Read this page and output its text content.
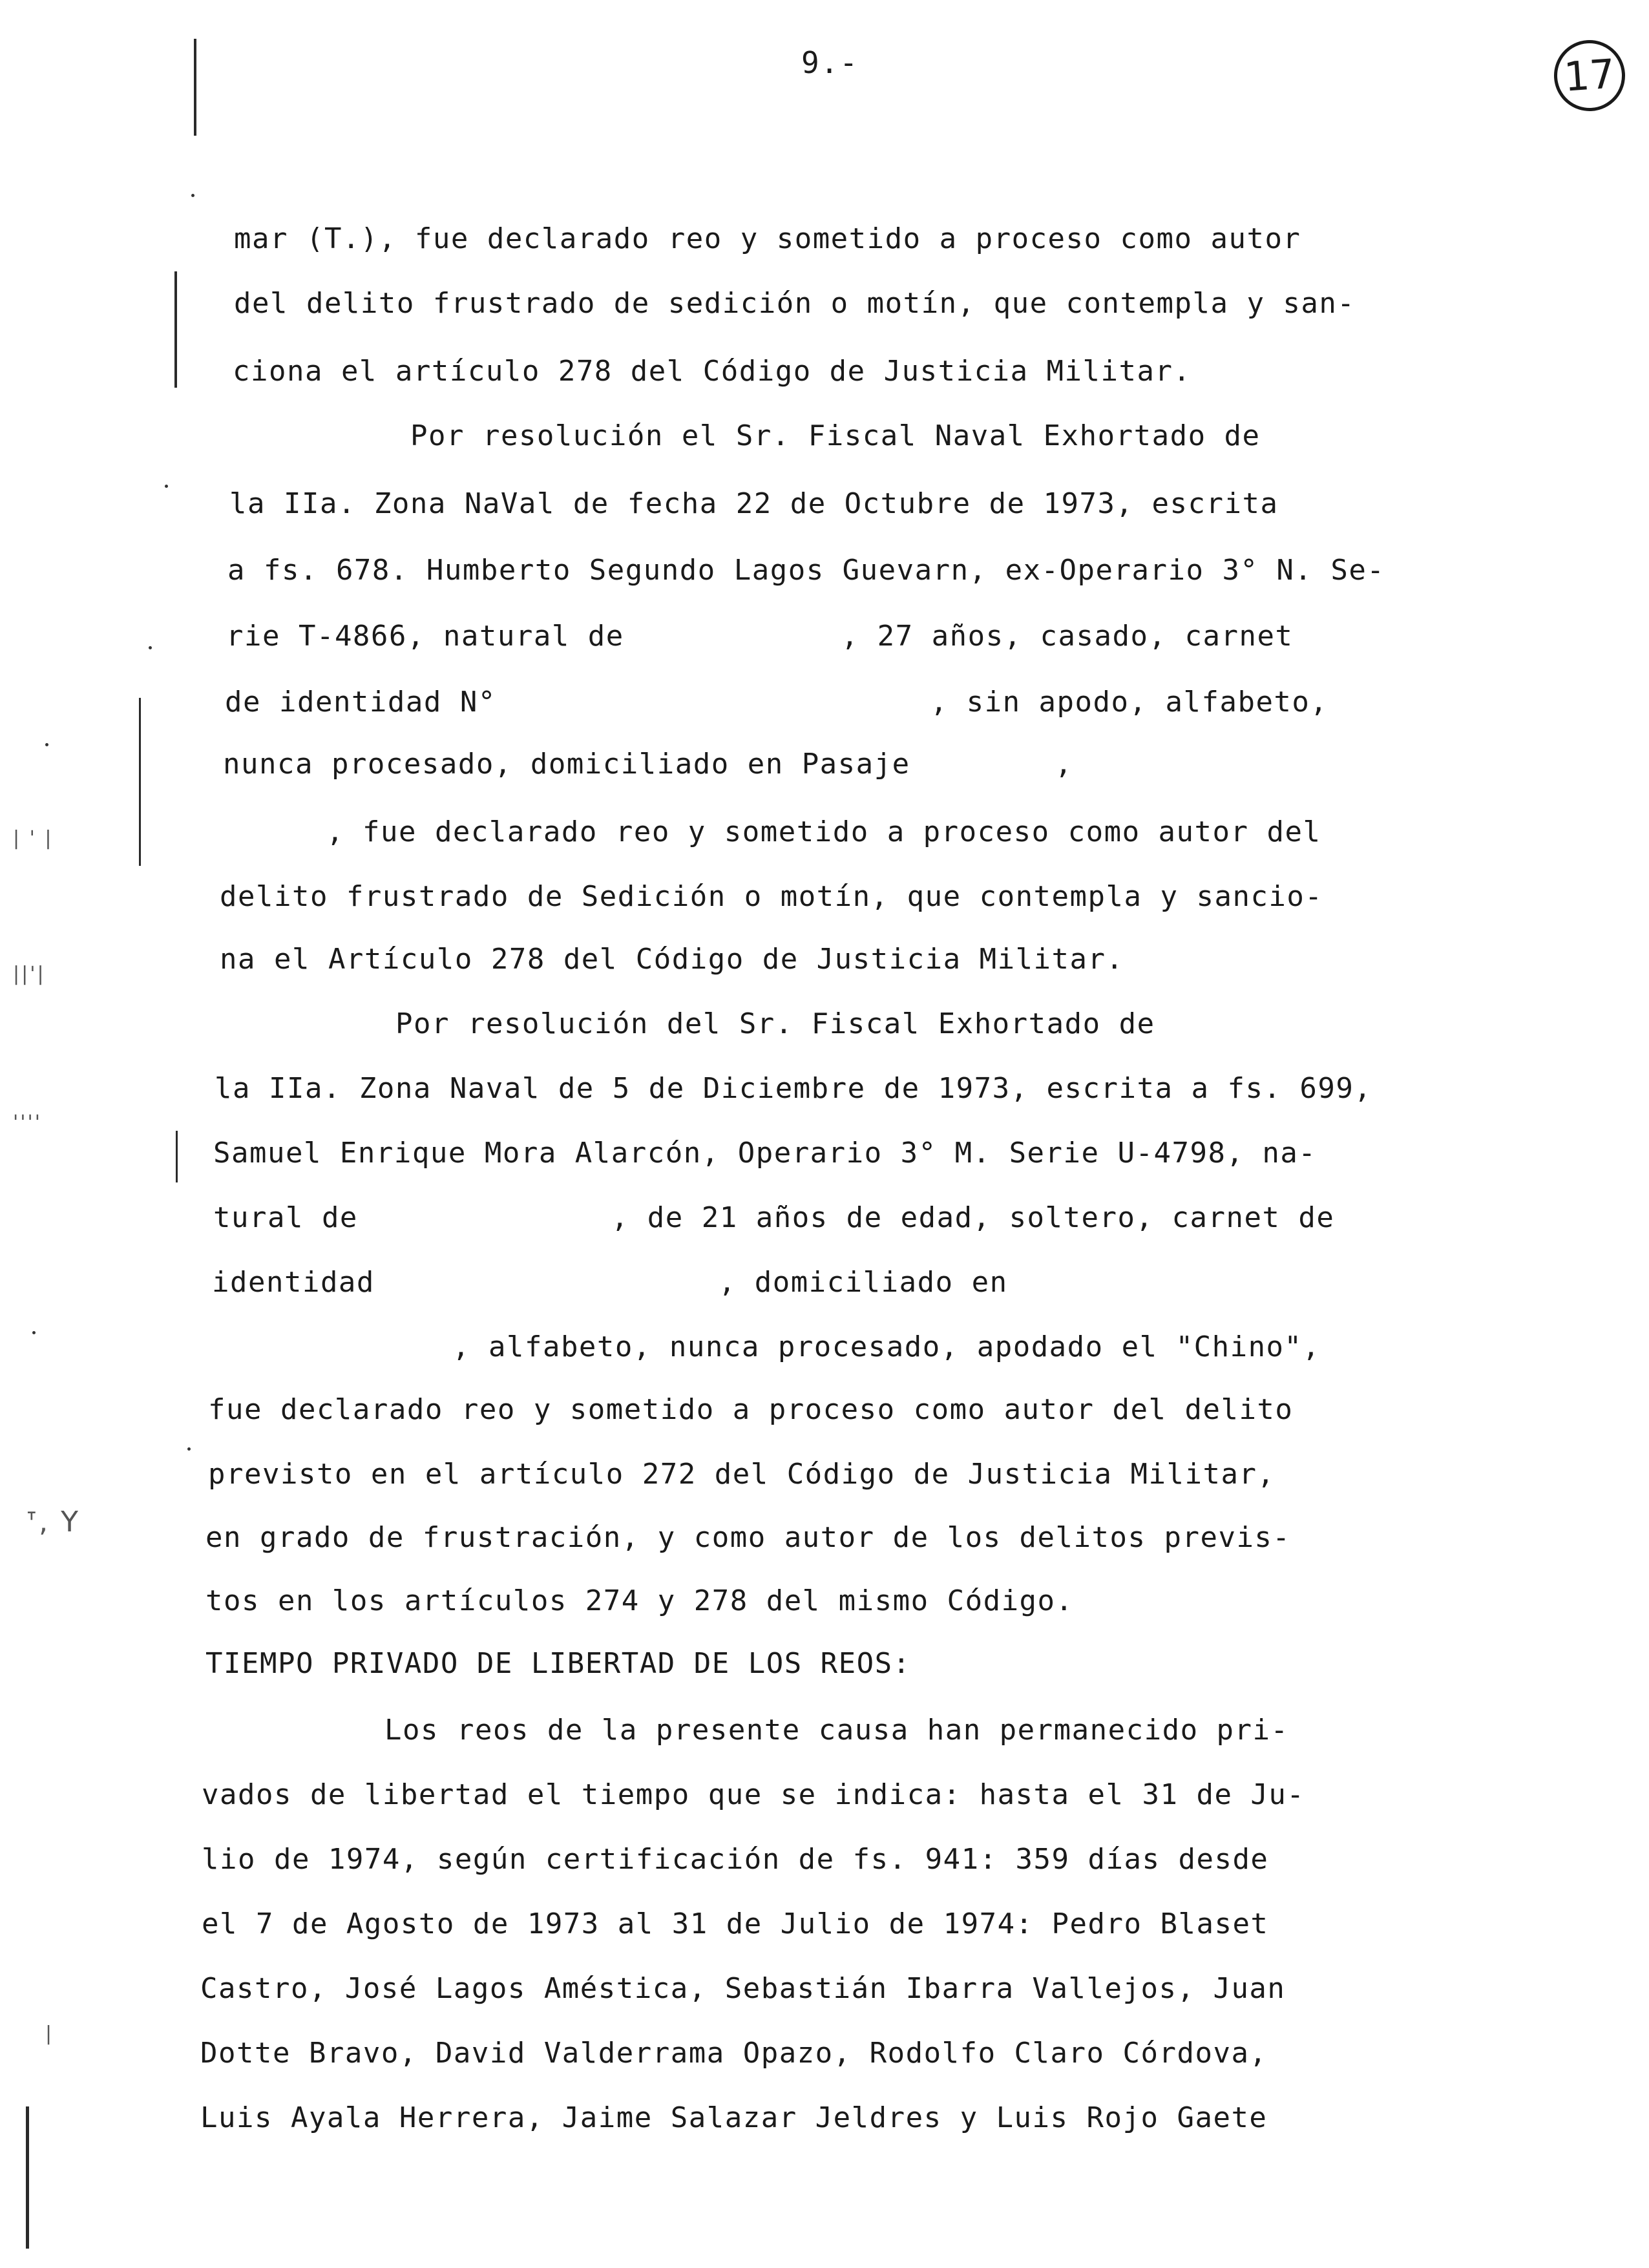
| ' |
||'|
''''
ᐪ, Y
|
9.-	17
mar (T.), fue declarado reo y sometido a proceso como autor
del delito frustrado de sedición o motín, que contempla y san-
ciona el artículo 278 del Código de Justicia Militar.
Por resolución el Sr. Fiscal Naval Exhortado de
la IIa. Zona NaVal de fecha 22 de Octubre de 1973, escrita
a fs. 678. Humberto Segundo Lagos Guevarn, ex-Operario 3° N. Se-
rie T-4866, natural de            , 27 años, casado, carnet
de identidad N°                        , sin apodo, alfabeto,
nunca procesado, domiciliado en Pasaje        ,
, fue declarado reo y sometido a proceso como autor del
delito frustrado de Sedición o motín, que contempla y sancio-
na el Artículo 278 del Código de Justicia Militar.
Por resolución del Sr. Fiscal Exhortado de
la IIa. Zona Naval de 5 de Diciembre de 1973, escrita a fs. 699,
Samuel Enrique Mora Alarcón, Operario 3° M. Serie U-4798, na-
tural de              , de 21 años de edad, soltero, carnet de
identidad                   , domiciliado en
, alfabeto, nunca procesado, apodado el "Chino",
fue declarado reo y sometido a proceso como autor del delito
previsto en el artículo 272 del Código de Justicia Militar,
en grado de frustración, y como autor de los delitos previs-
tos en los artículos 274 y 278 del mismo Código.
TIEMPO PRIVADO DE LIBERTAD DE LOS REOS:
Los reos de la presente causa han permanecido pri-
vados de libertad el tiempo que se indica: hasta el 31 de Ju-
lio de 1974, según certificación de fs. 941: 359 días desde
el 7 de Agosto de 1973 al 31 de Julio de 1974: Pedro Blaset
Castro, José Lagos Améstica, Sebastián Ibarra Vallejos, Juan
Dotte Bravo, David Valderrama Opazo, Rodolfo Claro Córdova,
Luis Ayala Herrera, Jaime Salazar Jeldres y Luis Rojo Gaete
